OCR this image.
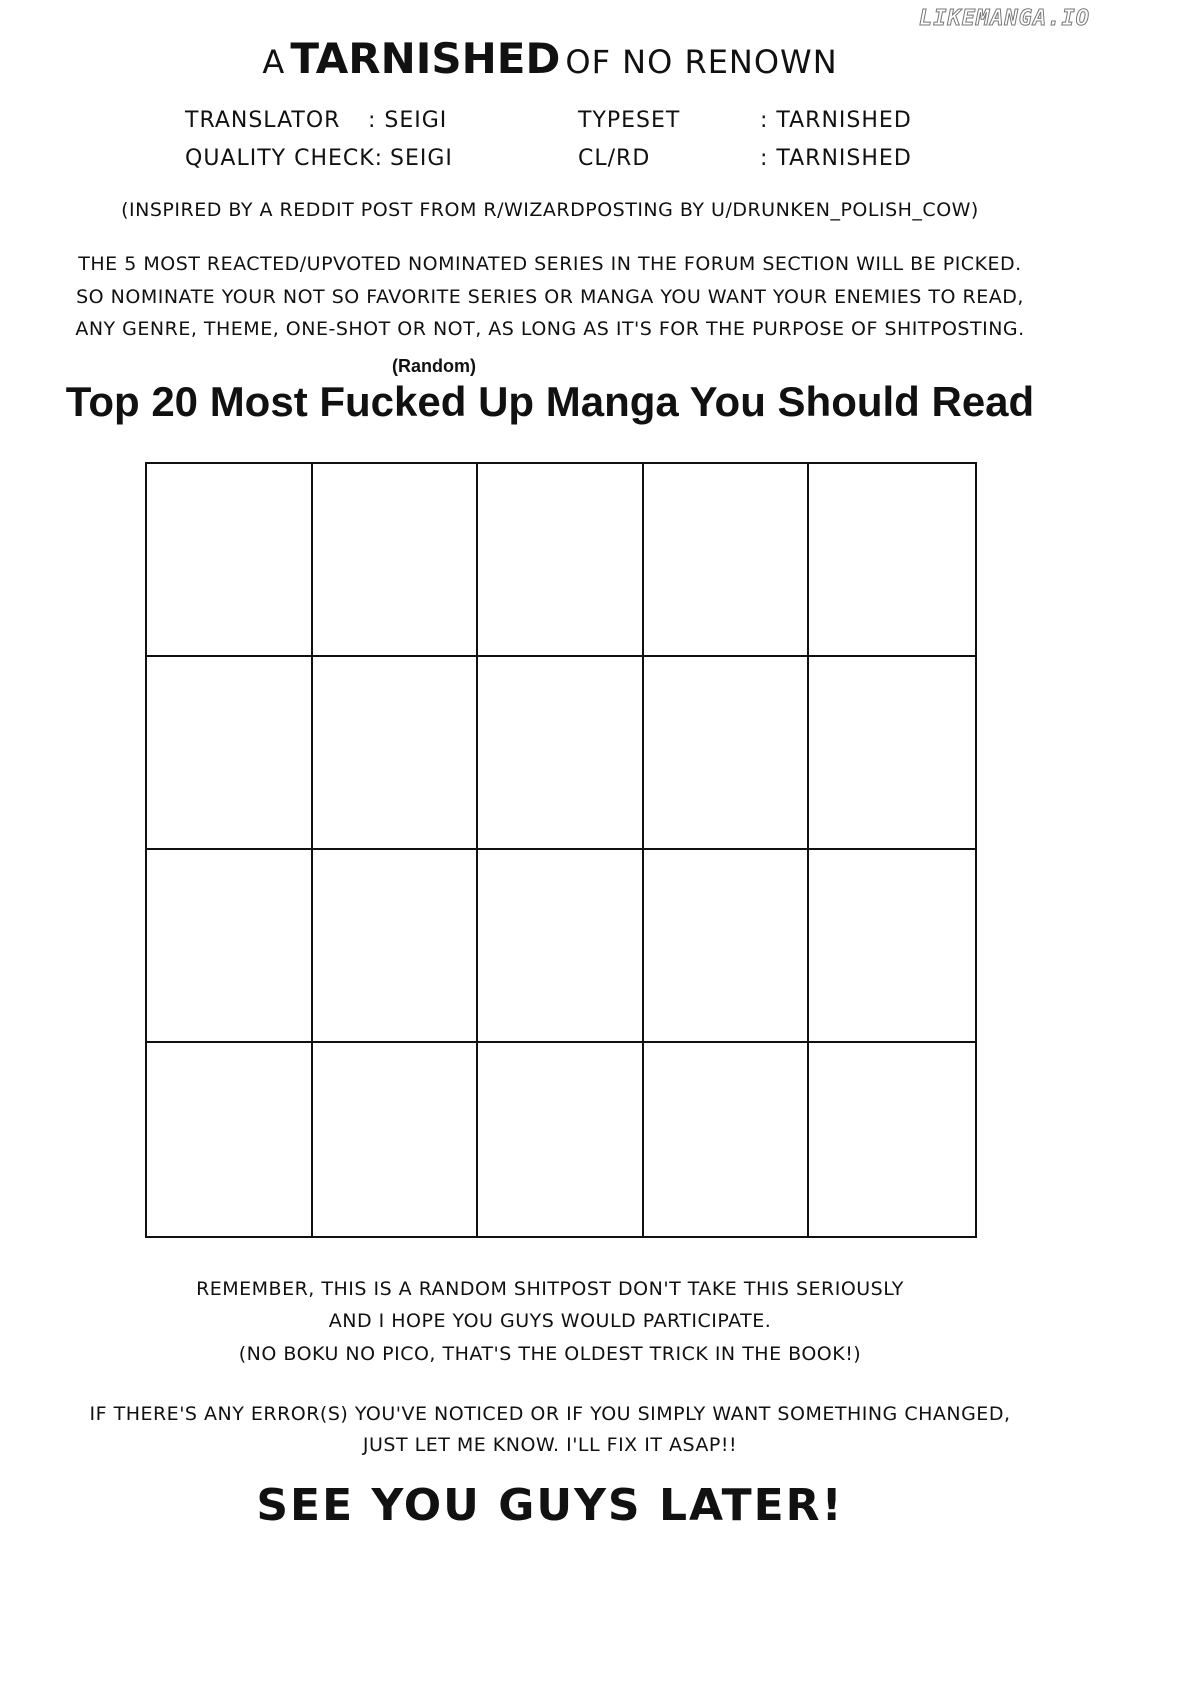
LIKEMANGA.IO
A TARNISHED OF NO RENOWN
TRANSLATOR : SEIGI
QUALITY CHECK: SEIGI
TYPESET	: TARNISHED
CL/RD	: TARNISHED
(INSPIRED BY A REDDIT POST FROM R/WIZARDPOSTING BY U/DRUNKEN_POLISH_COW)
THE 5 MOST REACTED/UPVOTED NOMINATED SERIES IN THE FORUM SECTION WILL BE PICKED.
SO NOMINATE YOUR NOT SO FAVORITE SERIES OR MANGA YOU WANT YOUR ENEMIES TO READ,
ANY GENRE, THEME, ONE-SHOT OR NOT, AS LONG AS IT'S FOR THE PURPOSE OF SHITPOSTING.
(Random)
Top 20 Most Fucked Up Manga You Should Read
REMEMBER, THIS IS A RANDOM SHITPOST DON'T TAKE THIS SERIOUSLY
AND I HOPE YOU GUYS WOULD PARTICIPATE.
(NO BOKU NO PICO, THAT'S THE OLDEST TRICK IN THE BOOK!)
IF THERE'S ANY ERROR(S) YOU'VE NOTICED OR IF YOU SIMPLY WANT SOMETHING CHANGED,
JUST LET ME KNOW. I'LL FIX IT ASAP!!
SEE YOU GUYS LATER!
